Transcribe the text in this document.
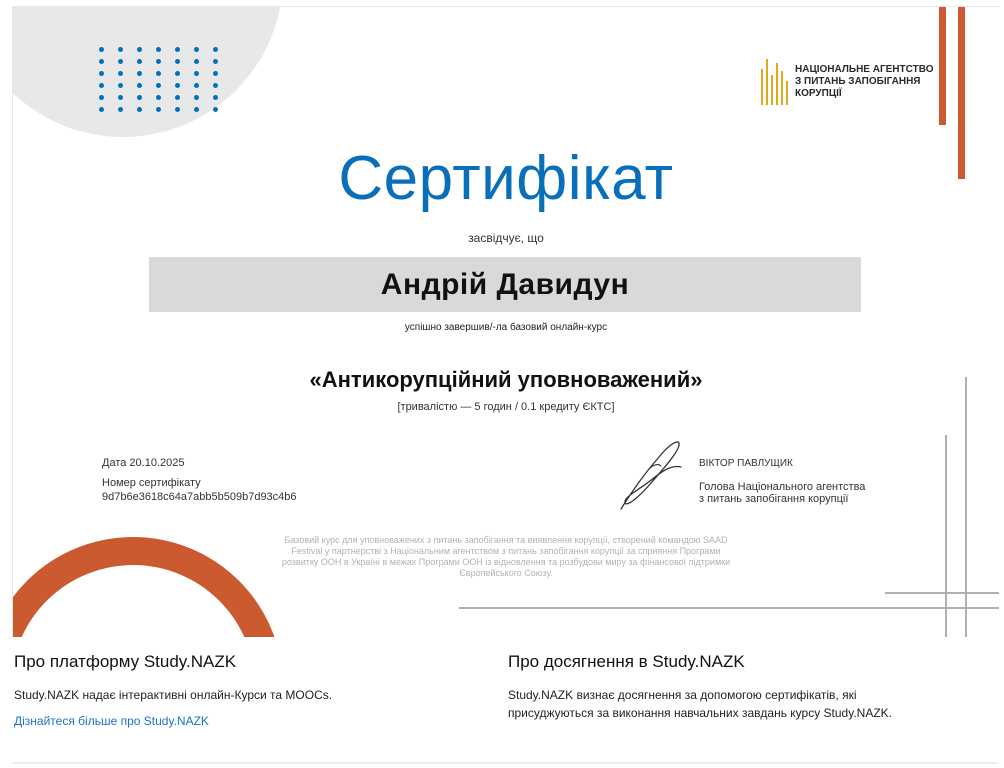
НАЦІОНАЛЬНЕ АГЕНТСТВО
З ПИТАНЬ ЗАПОБІГАННЯ
КОРУПЦІЇ
Сертифікат
засвідчує, що
Андрій Давидун
успішно завершив/-ла базовий онлайн-курс
«Антикорупційний уповноважений»
[тривалістю — 5 годин / 0.1 кредиту ЄКТС]
Дата 20.10.2025
Номер сертифікату
9d7b6e3618c64a7abb5b509b7d93c4b6
ВІКТОР ПАВЛУЩИК
Голова Національного агентства
з питань запобігання корупції
Базовий курс для уповноважених з питань запобігання та виявлення корупції, створений командою SAAD
Festival у партнерстві з Національним агентством з питань запобігання корупції за сприяння Програми
розвитку ООН в Україні в межах Програми ООН із відновлення та розбудови миру за фінансової підтримки
Європейського Союзу.
Про платформу Study.NAZK

Study.NAZK надає інтерактивні онлайн-Курси та MOOCs.

Дізнайтеся більше про Study.NAZK
Про досягнення в Study.NAZK

Study.NAZK визнає досягнення за допомогою сертифікатів, які
присуджуються за виконання навчальних завдань курсу Study.NAZK.
